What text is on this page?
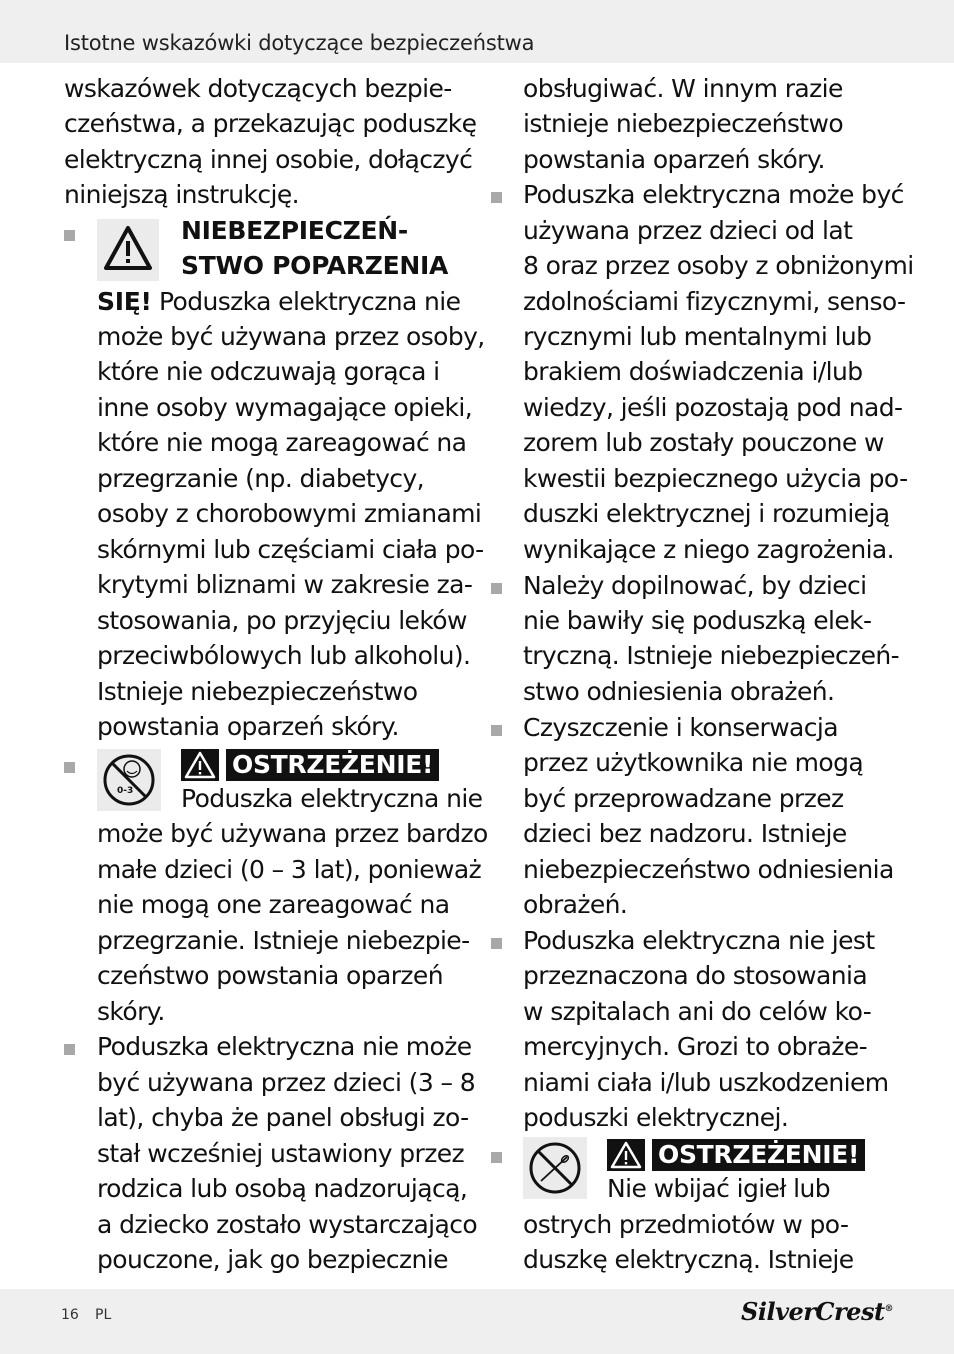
Istotne wskazówki dotyczące bezpieczeństwa
16 PL	SilverCrest®
wskazówek dotyczących bezpie-
czeństwa, a przekazując poduszkę
elektryczną innej osobie, dołączyć
niniejszą instrukcję.
NIEBEZPIECZEŃ-
STWO POPARZENIA
SIĘ! Poduszka elektryczna nie
może być używana przez osoby,
które nie odczuwają gorąca i
inne osoby wymagające opieki,
które nie mogą zareagować na
przegrzanie (np. diabetycy,
osoby z chorobowymi zmianami
skórnymi lub częściami ciała po-
krytymi bliznami w zakresie za-
stosowania, po przyjęciu leków
przeciwbólowych lub alkoholu).
Istnieje niebezpieczeństwo
powstania oparzeń skóry.
0-3
OSTRZEŻENIE!
Poduszka elektryczna nie
może być używana przez bardzo
małe dzieci (0 – 3 lat), ponieważ
nie mogą one zareagować na
przegrzanie. Istnieje niebezpie-
czeństwo powstania oparzeń
skóry.
Poduszka elektryczna nie może
być używana przez dzieci (3 – 8
lat), chyba że panel obsługi zo-
stał wcześniej ustawiony przez
rodzica lub osobą nadzorującą,
a dziecko zostało wystarczająco
pouczone, jak go bezpiecznie
obsługiwać. W innym razie
istnieje niebezpieczeństwo
powstania oparzeń skóry.
Poduszka elektryczna może być
używana przez dzieci od lat
8 oraz przez osoby z obniżonymi
zdolnościami fizycznymi, senso-
rycznymi lub mentalnymi lub
brakiem doświadczenia i/lub
wiedzy, jeśli pozostają pod nad-
zorem lub zostały pouczone w
kwestii bezpiecznego użycia po-
duszki elektrycznej i rozumieją
wynikające z niego zagrożenia.
Należy dopilnować, by dzieci
nie bawiły się poduszką elek-
tryczną. Istnieje niebezpieczeń-
stwo odniesienia obrażeń.
Czyszczenie i konserwacja
przez użytkownika nie mogą
być przeprowadzane przez
dzieci bez nadzoru. Istnieje
niebezpieczeństwo odniesienia
obrażeń.
Poduszka elektryczna nie jest
przeznaczona do stosowania
w szpitalach ani do celów ko-
mercyjnych. Grozi to obraże-
niami ciała i/lub uszkodzeniem
poduszki elektrycznej.
OSTRZEŻENIE!
Nie wbijać igieł lub
ostrych przedmiotów w po-
duszkę elektryczną. Istnieje
